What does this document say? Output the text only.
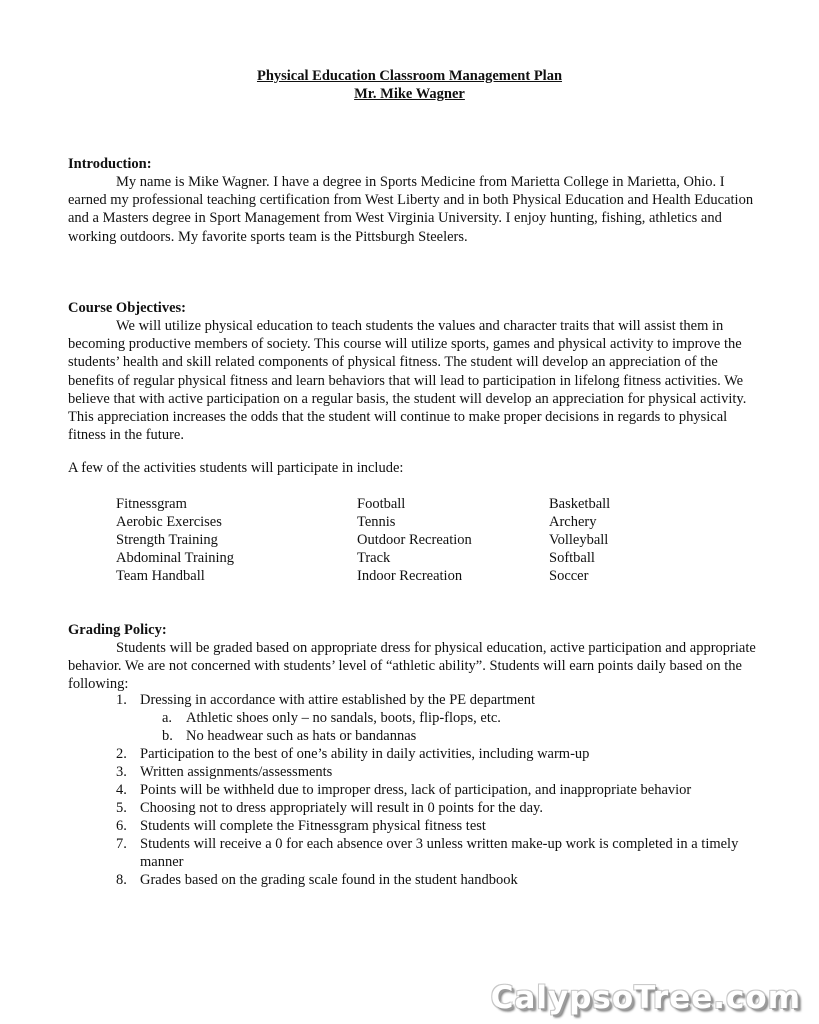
Physical Education Classroom Management Plan
Mr. Mike Wagner
Introduction:

My name is Mike Wagner. I have a degree in Sports Medicine from Marietta College in Marietta, Ohio. I earned my professional teaching certification from West Liberty and in both Physical Education and Health Education and a Masters degree in Sport Management from West Virginia University. I enjoy hunting, fishing, athletics and working outdoors. My favorite sports team is the Pittsburgh Steelers.

Course Objectives:

We will utilize physical education to teach students the values and character traits that will assist them in becoming productive members of society. This course will utilize sports, games and physical activity to improve the students’ health and skill related components of physical fitness. The student will develop an appreciation of the benefits of regular physical fitness and learn behaviors that will lead to participation in lifelong fitness activities. We believe that with active participation on a regular basis, the student will develop an appreciation for physical activity. This appreciation increases the odds that the student will continue to make proper decisions in regards to physical fitness in the future.

A few of the activities students will participate in include:
Fitnessgram
Aerobic Exercises
Strength Training
Abdominal Training
Team Handball
Football
Tennis
Outdoor Recreation
Track
Indoor Recreation
Basketball
Archery
Volleyball
Softball
Soccer
Grading Policy:

Students will be graded based on appropriate dress for physical education, active participation and appropriate behavior. We are not concerned with students’ level of “athletic ability”. Students will earn points daily based on the following:

1. Dressing in accordance with attire established by the PE department
a. Athletic shoes only – no sandals, boots, flip-flops, etc.
b. No headwear such as hats or bandannas
2. Participation to the best of one’s ability in daily activities, including warm-up
3. Written assignments/assessments
4. Points will be withheld due to improper dress, lack of participation, and inappropriate behavior
5. Choosing not to dress appropriately will result in 0 points for the day.
6. Students will complete the Fitnessgram physical fitness test
7. Students will receive a 0 for each absence over 3 unless written make-up work is completed in a timely manner
8. Grades based on the grading scale found in the student handbook
CalypsoTree.com
